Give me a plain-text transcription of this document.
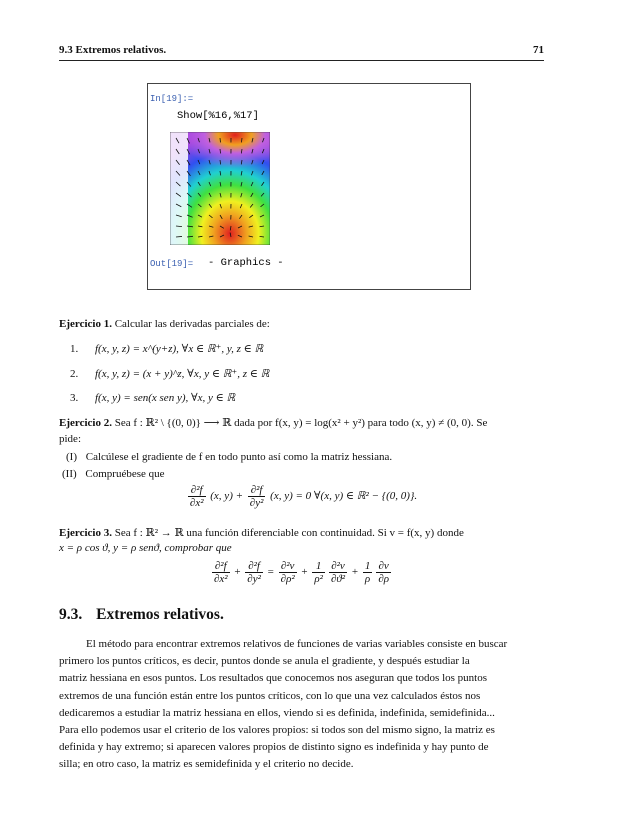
9.3 Extremos relativos.	71
In[19]:=
Show[%16,%17]
Out[19]= - Graphics -
Ejercicio 1. Calcular las derivadas parciales de:
1. f(x, y, z) = x^(y+z), ∀x ∈ ℝ⁺, y, z ∈ ℝ
2. f(x, y, z) = (x + y)^z, ∀x, y ∈ ℝ⁺, z ∈ ℝ
3. f(x, y) = sen(x sen y), ∀x, y ∈ ℝ
Ejercicio 2. Sea f : ℝ² \ {(0, 0)} ⟶ ℝ dada por f(x, y) = log(x² + y²) para todo (x, y) ≠ (0, 0). Se
pide:
(I) Calcúlese el gradiente de f en todo punto así como la matriz hessiana.
(II) Compruébese que
$\frac{\text{∂²f}}{\text{∂x²}} (x$, $y) + \frac{\text{∂²f}}{\text{∂y²}} (x$, y) = 0 ∀(x, y) ∈ ℝ² − {(0, 0)}.
Ejercicio 3. Sea f : ℝ² → ℝ una función diferenciable con continuidad. Si v = f(x, y) donde
x = ρ cos ϑ, y = ρ senϑ, comprobar que
$\frac{\text{∂²f}}{\text{∂x²}} + \frac{\text{∂²f}}{\text{∂y²}} = \frac{\text{∂²v}}{\text{∂ρ²}} + \frac{1}{\text{ρ²}} \frac{\text{∂²v}}{\text{∂ϑ²}} + \frac{1}{\rho} \frac{\partial v}{\partial\rho}$
9.3. Extremos relativos.
El método para encontrar extremos relativos de funciones de varias variables consiste en buscar
primero los puntos críticos, es decir, puntos donde se anula el gradiente, y después estudiar la
matriz hessiana en esos puntos. Los resultados que conocemos nos aseguran que todos los puntos
extremos de una función están entre los puntos críticos, con lo que una vez calculados éstos nos
dedicaremos a estudiar la matriz hessiana en ellos, viendo si es definida, indefinida, semidefinida...
Para ello podemos usar el criterio de los valores propios: si todos son del mismo signo, la matriz es
definida y hay extremo; si aparecen valores propios de distinto signo es indefinida y hay punto de
silla; en otro caso, la matriz es semidefinida y el criterio no decide.
